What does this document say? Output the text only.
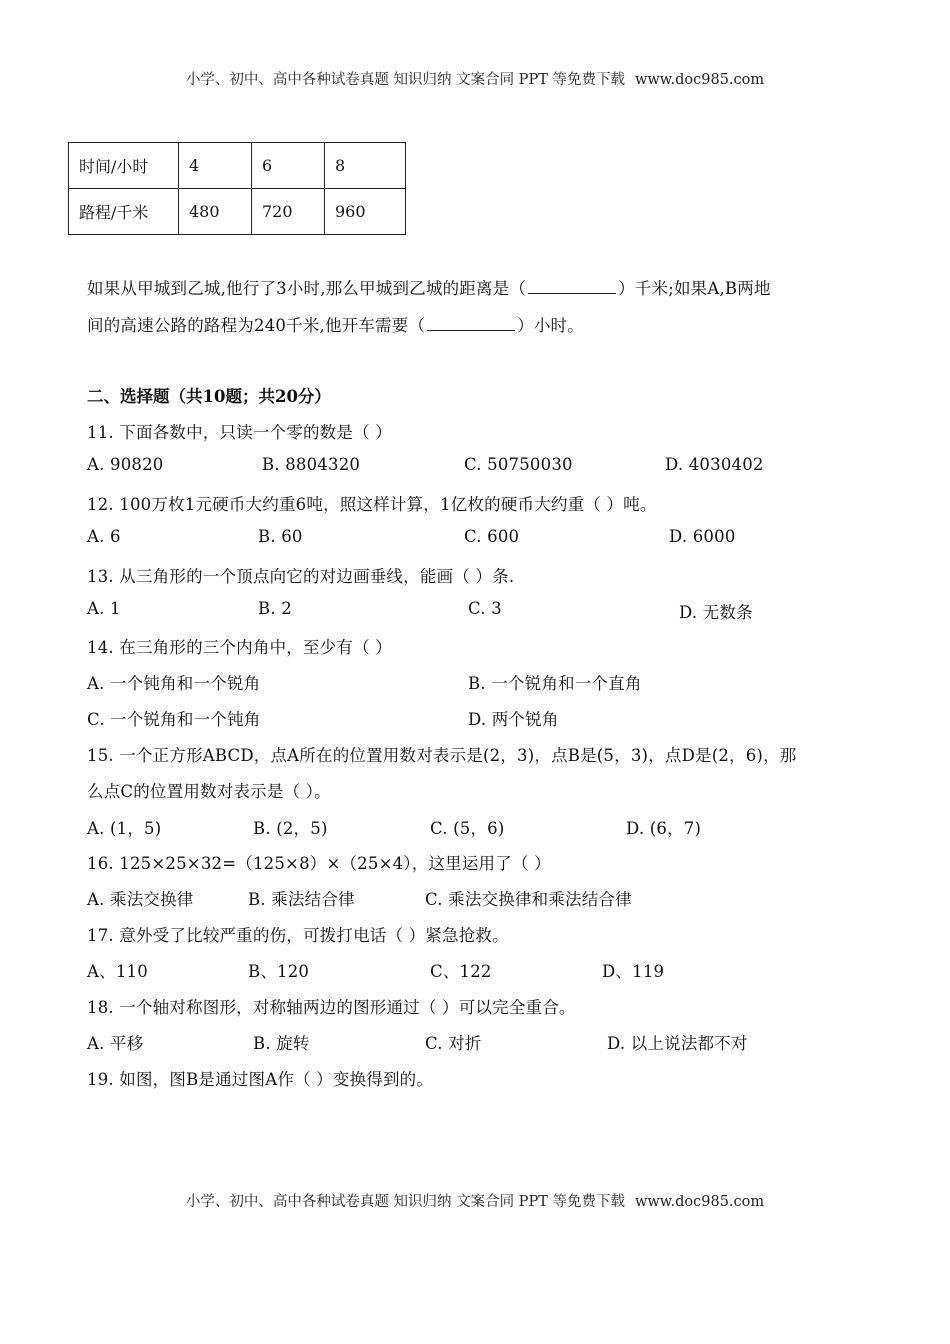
小学、初中、高中各种试卷真题 知识归纳 文案合同 PPT 等免费下载 www.doc985.com
时间/小时	4	6	8
路程/千米	480	720	960
如果从甲城到乙城,他行了3小时,那么甲城到乙城的距离是（	）千米;如果A,B两地
间的高速公路的路程为240千米,他开车需要（	）小时。
二、选择题（共10题；共20分）
11. 下面各数中，只读一个零的数是（ ）
A. 90820	B. 8804320	C. 50750030	D. 4030402
12. 100万枚1元硬币大约重6吨，照这样计算，1亿枚的硬币大约重（ ）吨。
A. 6	B. 60	C. 600	D. 6000
13. 从三角形的一个顶点向它的对边画垂线，能画（ ）条.
A. 1	B. 2	C. 3	D. 无数条
14. 在三角形的三个内角中，至少有（ ）
A. 一个钝角和一个锐角	B. 一个锐角和一个直角
C. 一个锐角和一个钝角	D. 两个锐角
15. 一个正方形ABCD，点A所在的位置用数对表示是(2，3)，点B是(5，3)，点D是(2，6)，那
么点C的位置用数对表示是（ ）。
A. (1，5)	B. (2，5)	C. (5，6)	D. (6，7)
16. 125×25×32=（125×8）×（25×4），这里运用了（ ）
A. 乘法交换律	B. 乘法结合律	C. 乘法交换律和乘法结合律
17. 意外受了比较严重的伤，可拨打电话（ ）紧急抢救。
A、110	B、120	C、122	D、119
18. 一个轴对称图形，对称轴两边的图形通过（ ）可以完全重合。
A. 平移	B. 旋转	C. 对折	D. 以上说法都不对
19. 如图，图B是通过图A作（ ）变换得到的。
小学、初中、高中各种试卷真题 知识归纳 文案合同 PPT 等免费下载 www.doc985.com
